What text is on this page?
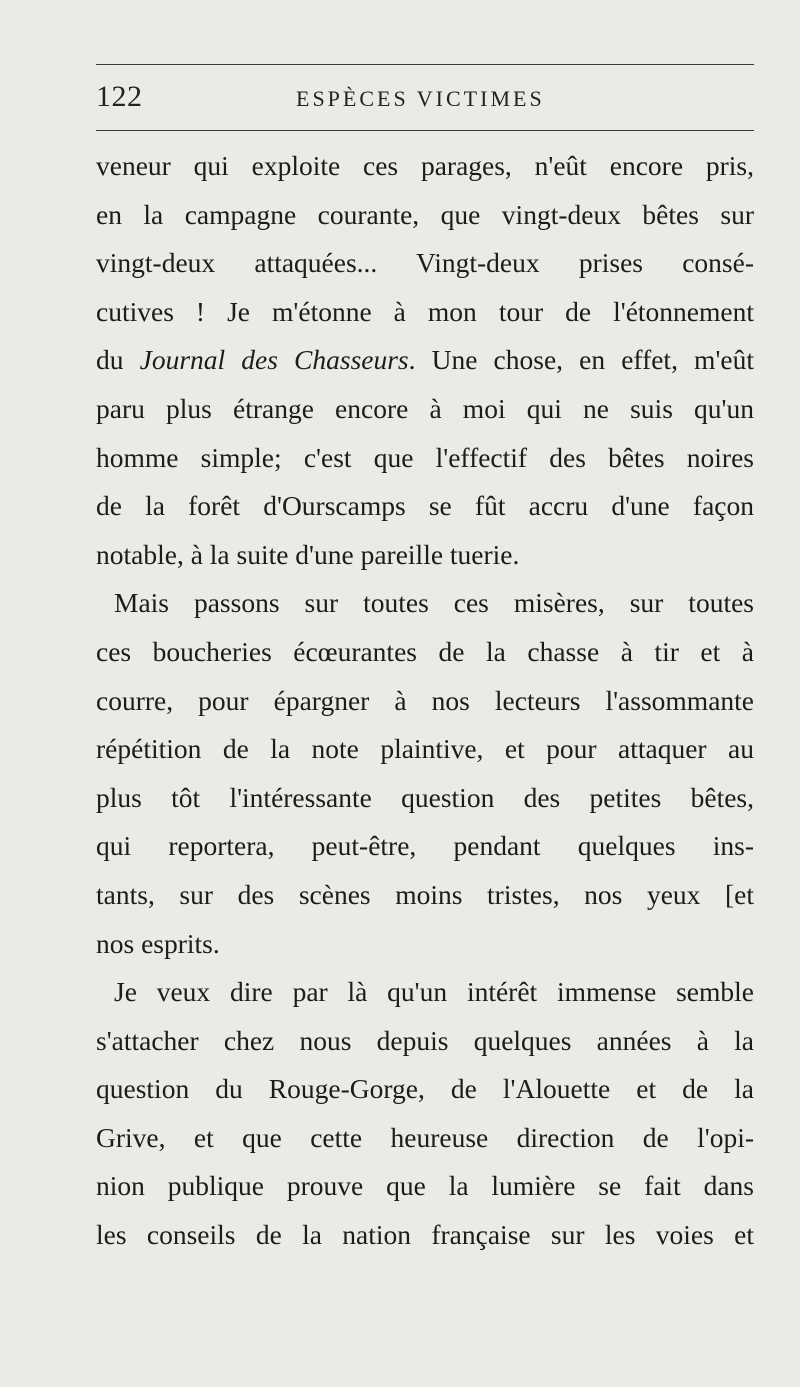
122	ESPÈCES VICTIMES
veneur qui exploite ces parages, n'eût encore pris,
en la campagne courante, que vingt-deux bêtes sur
vingt-deux attaquées... Vingt-deux prises consé-
cutives ! Je m'étonne à mon tour de l'étonnement
du Journal des Chasseurs. Une chose, en effet, m'eût
paru plus étrange encore à moi qui ne suis qu'un
homme simple; c'est que l'effectif des bêtes noires
de la forêt d'Ourscamps se fût accru d'une façon
notable, à la suite d'une pareille tuerie.
Mais passons sur toutes ces misères, sur toutes
ces boucheries écœurantes de la chasse à tir et à
courre, pour épargner à nos lecteurs l'assommante
répétition de la note plaintive, et pour attaquer au
plus tôt l'intéressante question des petites bêtes,
qui reportera, peut-être, pendant quelques ins-
tants, sur des scènes moins tristes, nos yeux [et
nos esprits.
Je veux dire par là qu'un intérêt immense semble
s'attacher chez nous depuis quelques années à la
question du Rouge-Gorge, de l'Alouette et de la
Grive, et que cette heureuse direction de l'opi-
nion publique prouve que la lumière se fait dans
les conseils de la nation française sur les voies et
